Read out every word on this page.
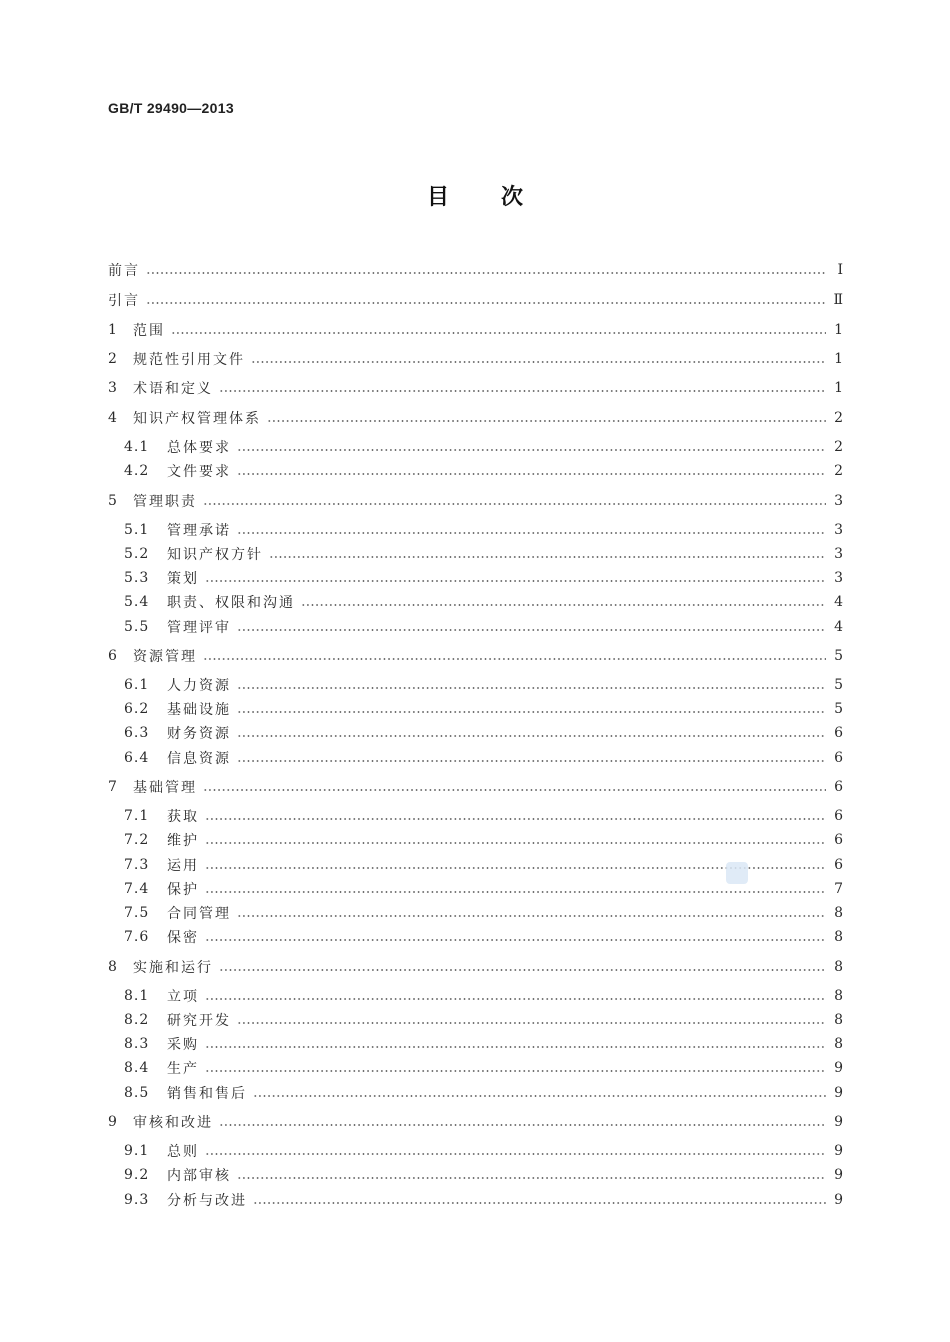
GB/T 29490—2013
目次
前言	Ⅰ
引言	Ⅱ
1	范围	1
2	规范性引用文件	1
3	术语和定义	1
4	知识产权管理体系	2
4.1	总体要求	2
4.2	文件要求	2
5	管理职责	3
5.1	管理承诺	3
5.2	知识产权方针	3
5.3	策划	3
5.4	职责、权限和沟通	4
5.5	管理评审	4
6	资源管理	5
6.1	人力资源	5
6.2	基础设施	5
6.3	财务资源	6
6.4	信息资源	6
7	基础管理	6
7.1	获取	6
7.2	维护	6
7.3	运用	6
7.4	保护	7
7.5	合同管理	8
7.6	保密	8
8	实施和运行	8
8.1	立项	8
8.2	研究开发	8
8.3	采购	8
8.4	生产	9
8.5	销售和售后	9
9	审核和改进	9
9.1	总则	9
9.2	内部审核	9
9.3	分析与改进	9
